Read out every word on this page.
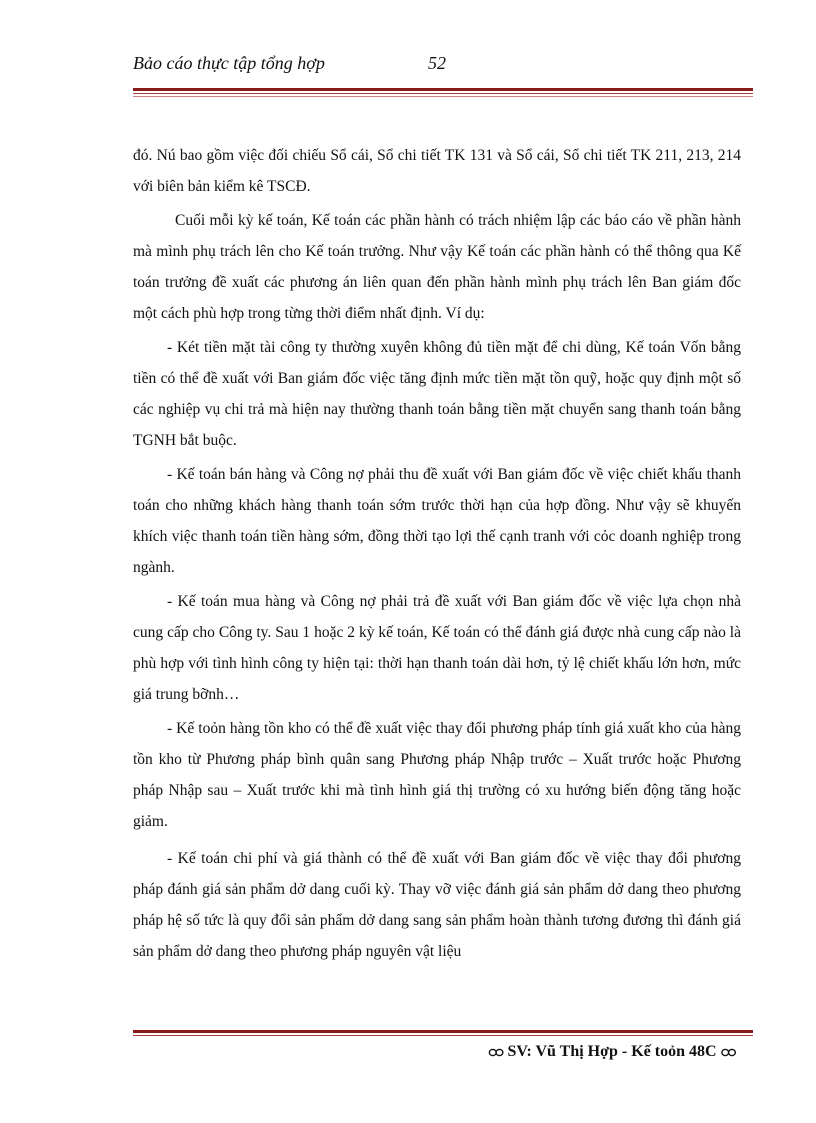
Bảo cáo thực tập tổng hợp	52

đó. Nú bao gồm việc đối chiếu Sổ cái, Sổ chi tiết TK 131 và Sổ cái, Sổ chi tiết TK 211, 213, 214 với biên bản kiểm kê TSCĐ.

Cuối mỗi kỳ kế toán, Kế toán các phần hành có trách nhiệm lập các báo cáo về phần hành mà mình phụ trách lên cho Kế toán trưởng. Như vậy Kế toán các phần hành có thể thông qua Kế toán trưởng đề xuất các phương án liên quan đến phần hành mình phụ trách lên Ban giám đốc một cách phù hợp trong từng thời điểm nhất định. Ví dụ:

- Két tiền mặt tài công ty thường xuyên không đủ tiền mặt để chi dùng, Kế toán Vốn bằng tiền có thể đề xuất với Ban giám đốc việc tăng định mức tiền mặt tồn quỹ, hoặc quy định một số các nghiệp vụ chi trả mà hiện nay thường thanh toán bằng tiền mặt chuyển sang thanh toán bằng TGNH bắt buộc.

- Kế toán bán hàng và Công nợ phải thu đề xuất với Ban giám đốc về việc chiết khấu thanh toán cho những khách hàng thanh toán sớm trước thời hạn của hợp đồng. Như vậy sẽ khuyến khích việc thanh toán tiền hàng sớm, đồng thời tạo lợi thế cạnh tranh với cỏc doanh nghiệp trong ngành.

- Kế toán mua hàng và Công nợ phải trả đề xuất với Ban giám đốc về việc lựa chọn nhà cung cấp cho Công ty. Sau 1 hoặc 2 kỳ kế toán, Kế toán có thể đánh giá được nhà cung cấp nào là phù hợp với tình hình công ty hiện tại: thời hạn thanh toán dài hơn, tỷ lệ chiết khấu lớn hơn, mức giá trung bỡnh…

- Kế toỏn hàng tồn kho có thể đề xuất việc thay đổi phương pháp tính giá xuất kho của hàng tồn kho từ Phương pháp bình quân sang Phương pháp Nhập trước – Xuất trước hoặc Phương pháp Nhập sau – Xuất trước khi mà tình hình giá thị trường có xu hướng biến động tăng hoặc giảm.

- Kế toán chi phí và giá thành có thể đề xuất với Ban giám đốc về việc thay đổi phương pháp đánh giá sản phẩm dở dang cuối kỳ. Thay vỡ việc đánh giá sản phẩm dở dang theo phương pháp hệ số tức là quy đổi sản phẩm dở dang sang sản phẩm hoàn thành tương đương thì đánh giá sản phẩm dở dang theo phương pháp nguyên vật liệu

ထ SV: Vũ Thị Hợp - Kế toỏn 48C ထ
